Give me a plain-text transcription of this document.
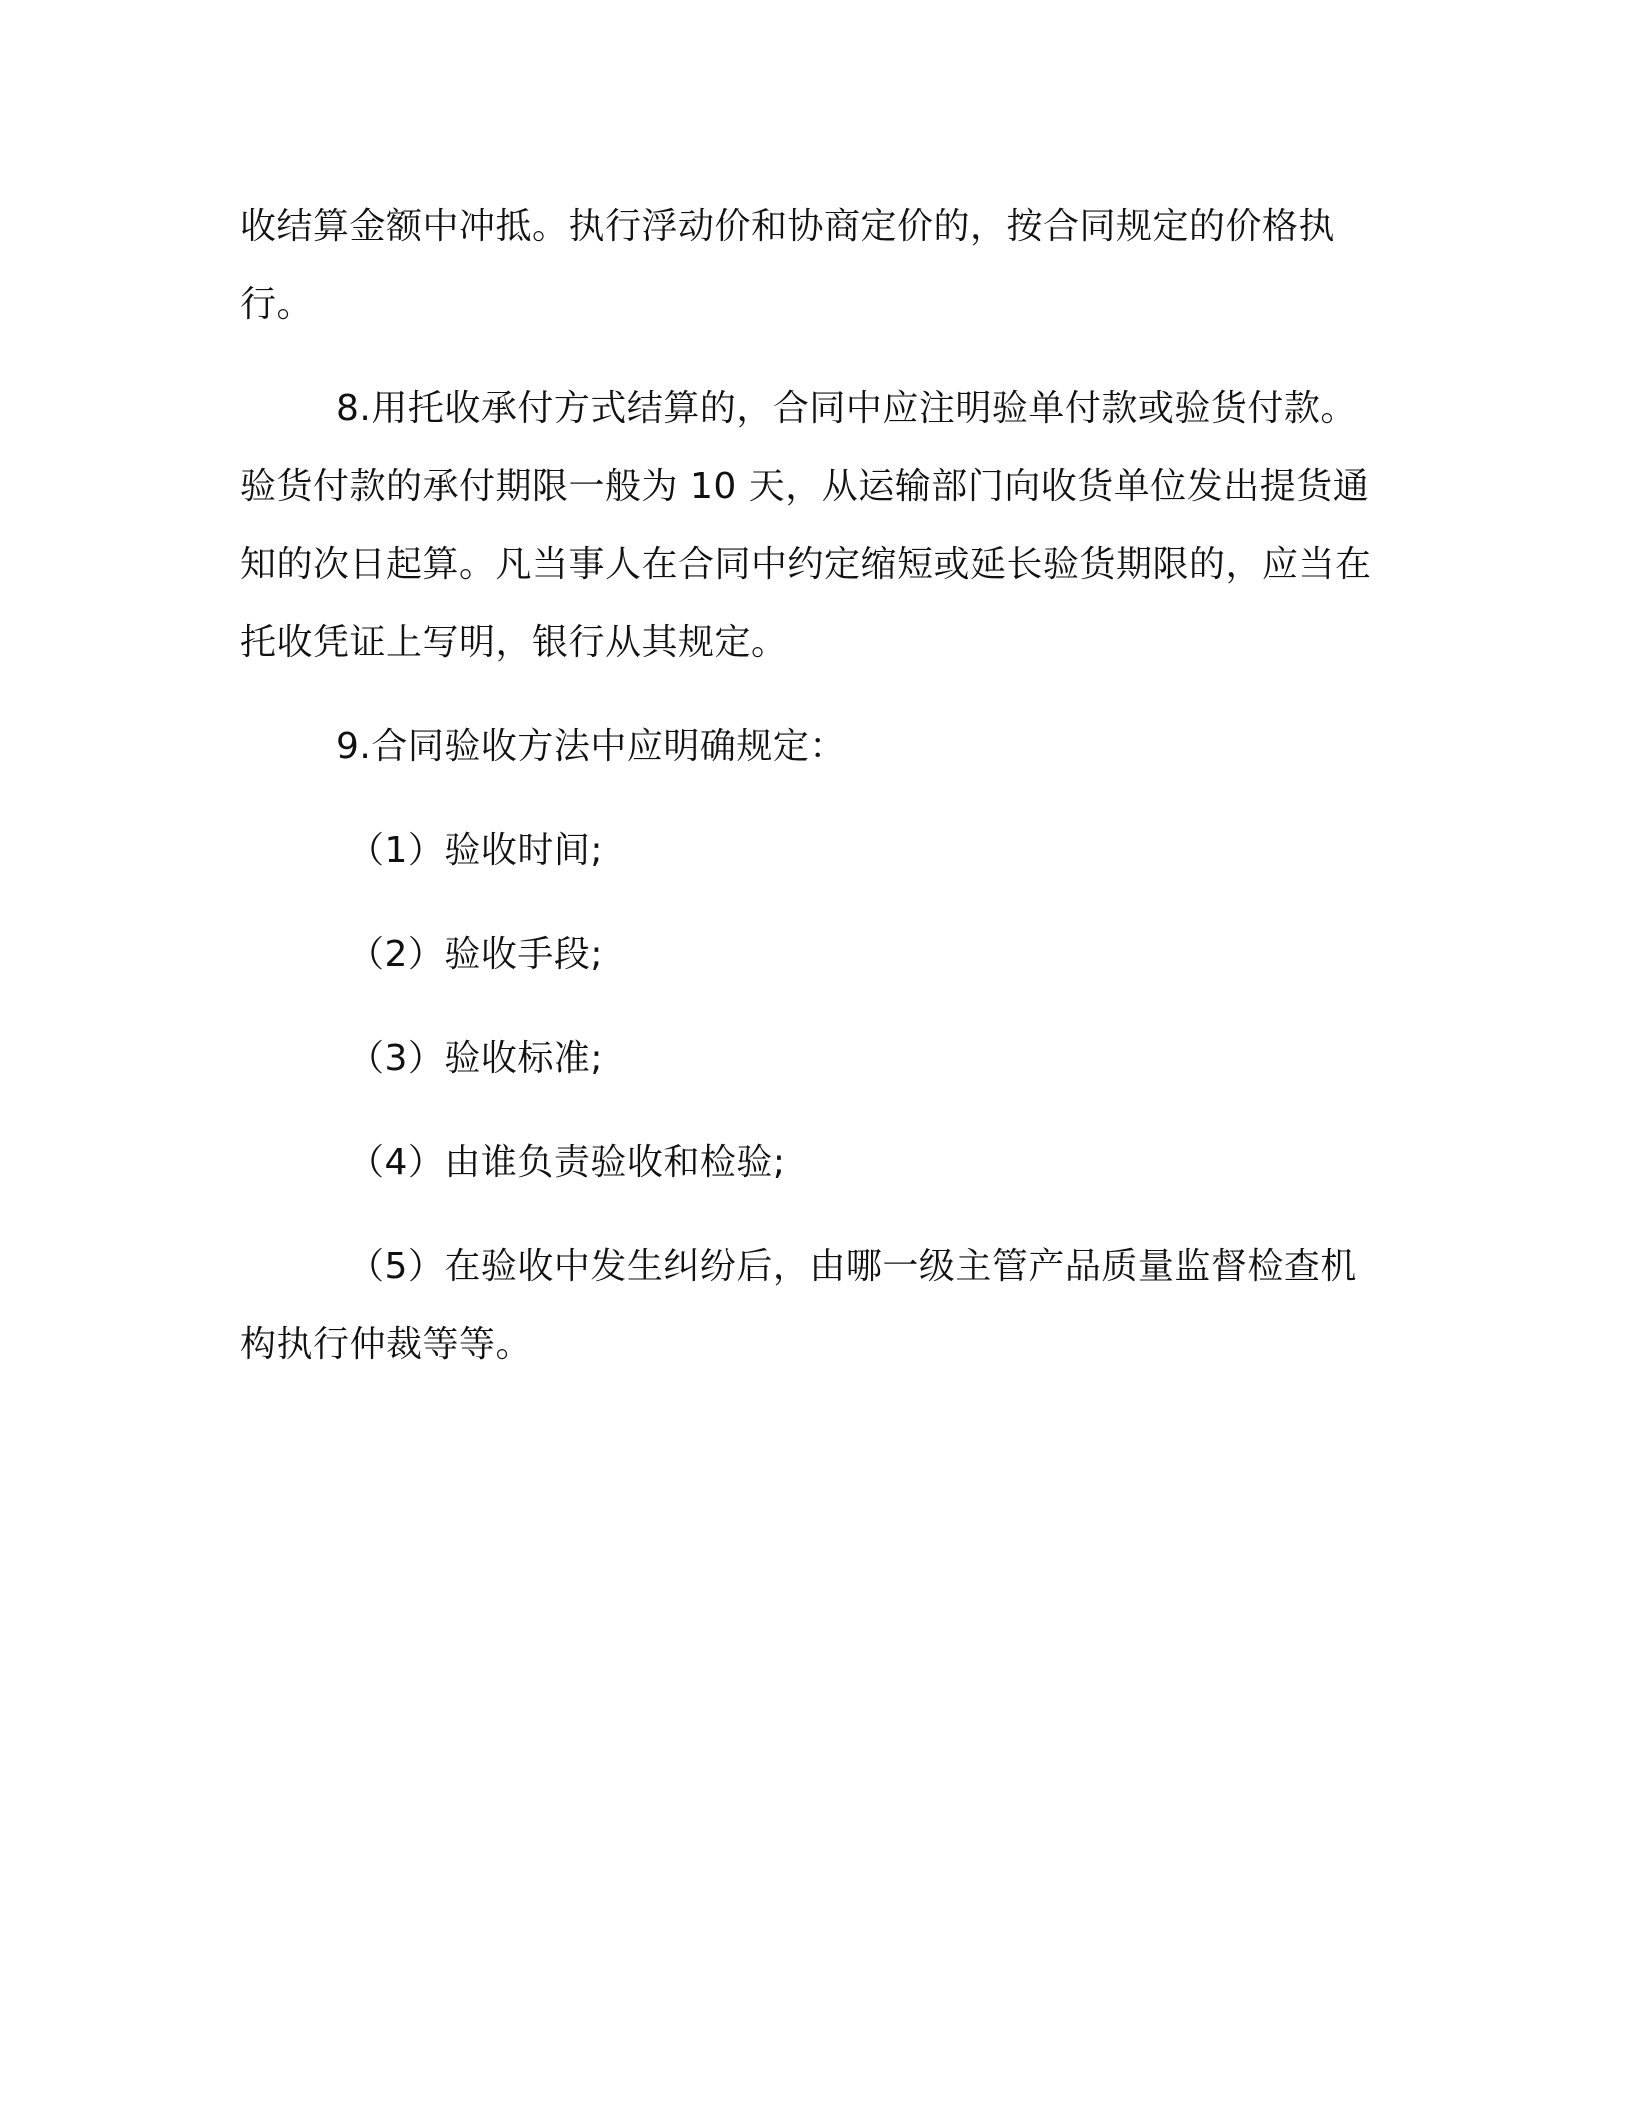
收结算金额中冲抵。执行浮动价和协商定价的，按合同规定的价格执行。

8.用托收承付方式结算的，合同中应注明验单付款或验货付款。验货付款的承付期限一般为 10 天，从运输部门向收货单位发出提货通知的次日起算。凡当事人在合同中约定缩短或延长验货期限的，应当在托收凭证上写明，银行从其规定。

9.合同验收方法中应明确规定：

（1）验收时间;

（2）验收手段;

（3）验收标准;

（4）由谁负责验收和检验;

（5）在验收中发生纠纷后，由哪一级主管产品质量监督检查机构执行仲裁等等。
